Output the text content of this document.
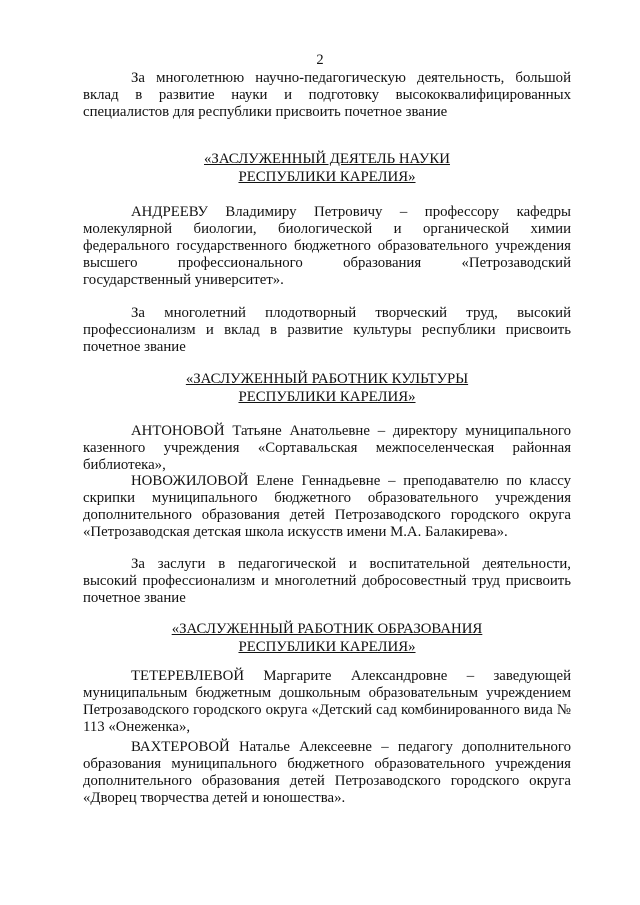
2

За многолетнюю научно-педагогическую деятельность, большой вклад в развитие науки и подготовку высококвалифицированных специалистов для республики присвоить почетное звание

«ЗАСЛУЖЕННЫЙ ДЕЯТЕЛЬ НАУКИ
РЕСПУБЛИКИ КАРЕЛИЯ»

АНДРЕЕВУ Владимиру Петровичу – профессору кафедры молекулярной биологии, биологической и органической химии федерального государственного бюджетного образовательного учреждения высшего профессионального образования «Петрозаводский государственный университет».

За многолетний плодотворный творческий труд, высокий профессионализм и вклад в развитие культуры республики присвоить почетное звание

«ЗАСЛУЖЕННЫЙ РАБОТНИК КУЛЬТУРЫ
РЕСПУБЛИКИ КАРЕЛИЯ»

АНТОНОВОЙ Татьяне Анатольевне – директору муниципального казенного учреждения «Сортавальская межпоселенческая районная библиотека»,

НОВОЖИЛОВОЙ Елене Геннадьевне – преподавателю по классу скрипки муниципального бюджетного образовательного учреждения дополнительного образования детей Петрозаводского городского округа «Петрозаводская детская школа искусств имени М.А. Балакирева».

За заслуги в педагогической и воспитательной деятельности, высокий профессионализм и многолетний добросовестный труд присвоить почетное звание

«ЗАСЛУЖЕННЫЙ РАБОТНИК ОБРАЗОВАНИЯ
РЕСПУБЛИКИ КАРЕЛИЯ»

ТЕТЕРЕВЛЕВОЙ Маргарите Александровне – заведующей муниципальным бюджетным дошкольным образовательным учреждением Петрозаводского городского округа «Детский сад комбинированного вида № 113 «Онеженка»,

ВАХТЕРОВОЙ Наталье Алексеевне – педагогу дополнительного образования муниципального бюджетного образовательного учреждения дополнительного образования детей Петрозаводского городского округа «Дворец творчества детей и юношества».
